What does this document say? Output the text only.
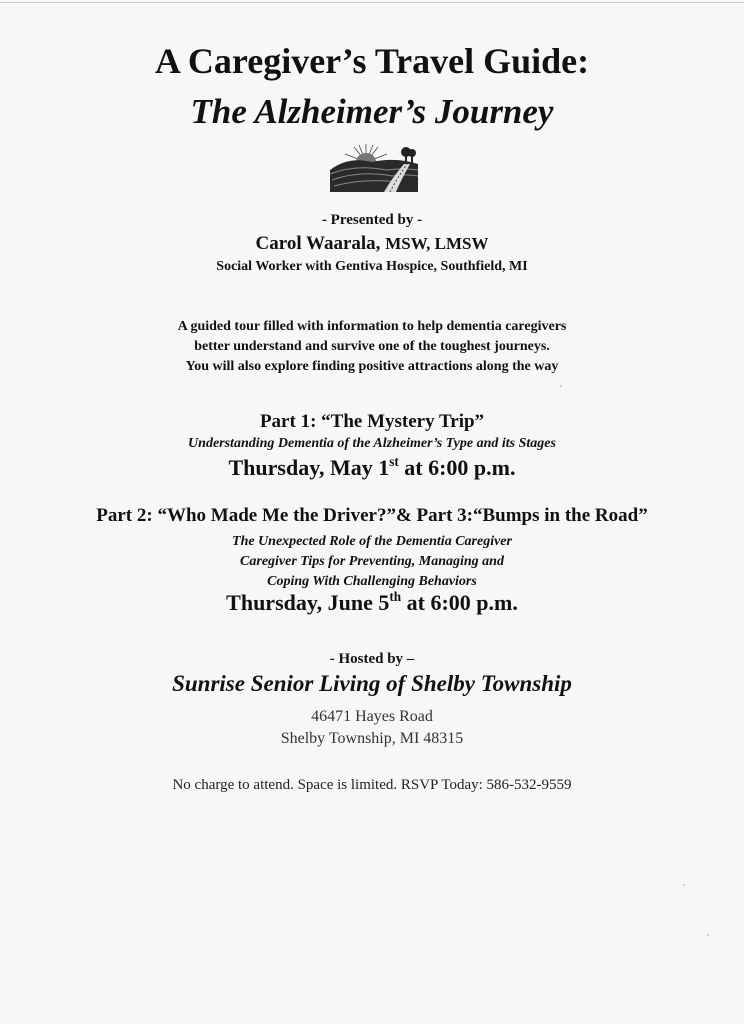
A Caregiver’s Travel Guide:
The Alzheimer’s Journey
- Presented by -
Carol Waarala, MSW, LMSW
Social Worker with Gentiva Hospice, Southfield, MI
A guided tour filled with information to help dementia caregivers
better understand and survive one of the toughest journeys.
You will also explore finding positive attractions along the way
Part 1: “The Mystery Trip”
Understanding Dementia of the Alzheimer’s Type and its Stages
Thursday, May 1st at 6:00 p.m.
Part 2: “Who Made Me the Driver?”& Part 3:“Bumps in the Road”
The Unexpected Role of the Dementia Caregiver
Caregiver Tips for Preventing, Managing and
Coping With Challenging Behaviors
Thursday, June 5th at 6:00 p.m.
- Hosted by –
Sunrise Senior Living of Shelby Township
46471 Hayes Road
Shelby Township, MI 48315
No charge to attend. Space is limited. RSVP Today: 586-532-9559
